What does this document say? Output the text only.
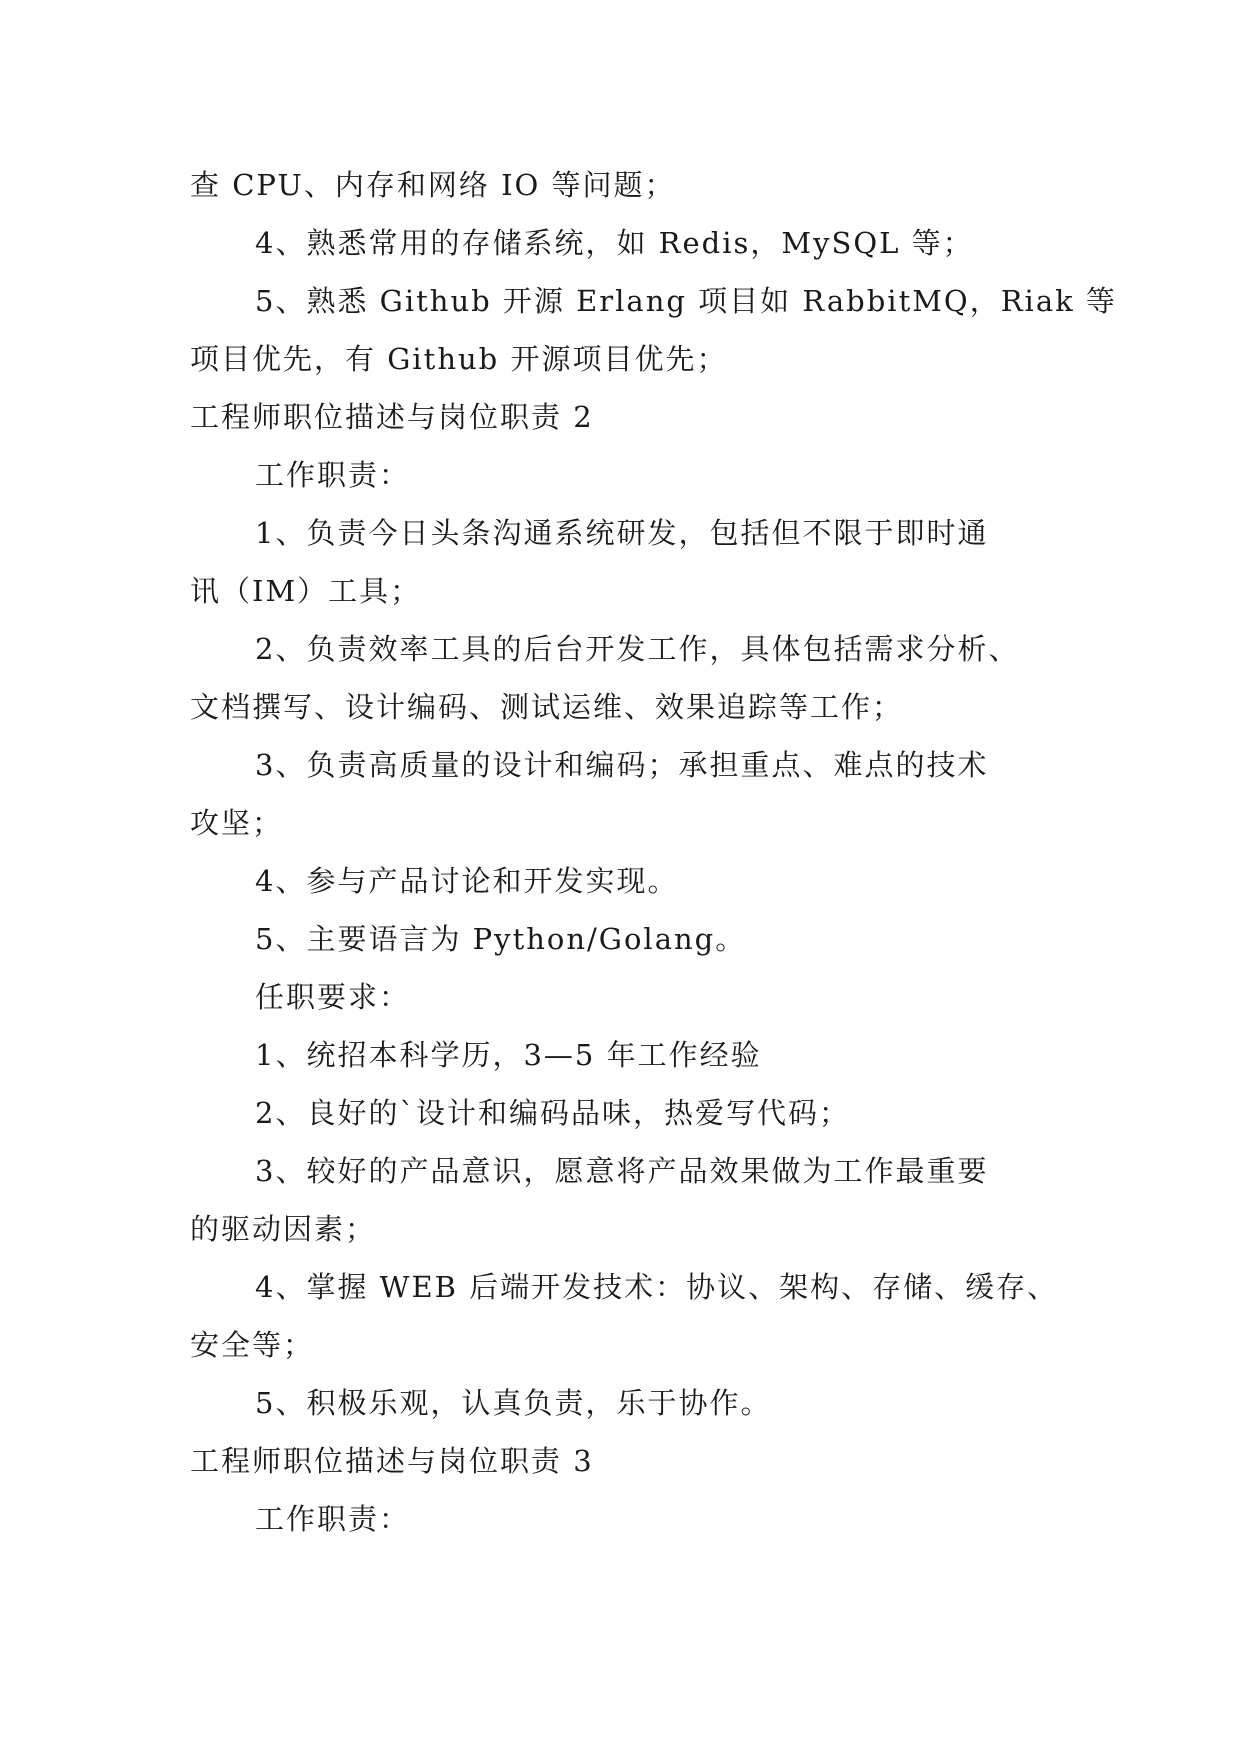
查 CPU、内存和网络 IO 等问题；
4、熟悉常用的存储系统，如 Redis，MySQL 等；
5、熟悉 Github 开源 Erlang 项目如 RabbitMQ，Riak 等
项目优先，有 Github 开源项目优先；
工程师职位描述与岗位职责 2
工作职责：
1、负责今日头条沟通系统研发，包括但不限于即时通
讯（IM）工具；
2、负责效率工具的后台开发工作，具体包括需求分析、
文档撰写、设计编码、测试运维、效果追踪等工作；
3、负责高质量的设计和编码；承担重点、难点的技术
攻坚；
4、参与产品讨论和开发实现。
5、主要语言为 Python/Golang。
任职要求：
1、统招本科学历，3—5 年工作经验
2、良好的`设计和编码品味，热爱写代码；
3、较好的产品意识，愿意将产品效果做为工作最重要
的驱动因素；
4、掌握 WEB 后端开发技术：协议、架构、存储、缓存、
安全等；
5、积极乐观，认真负责，乐于协作。
工程师职位描述与岗位职责 3
工作职责：
